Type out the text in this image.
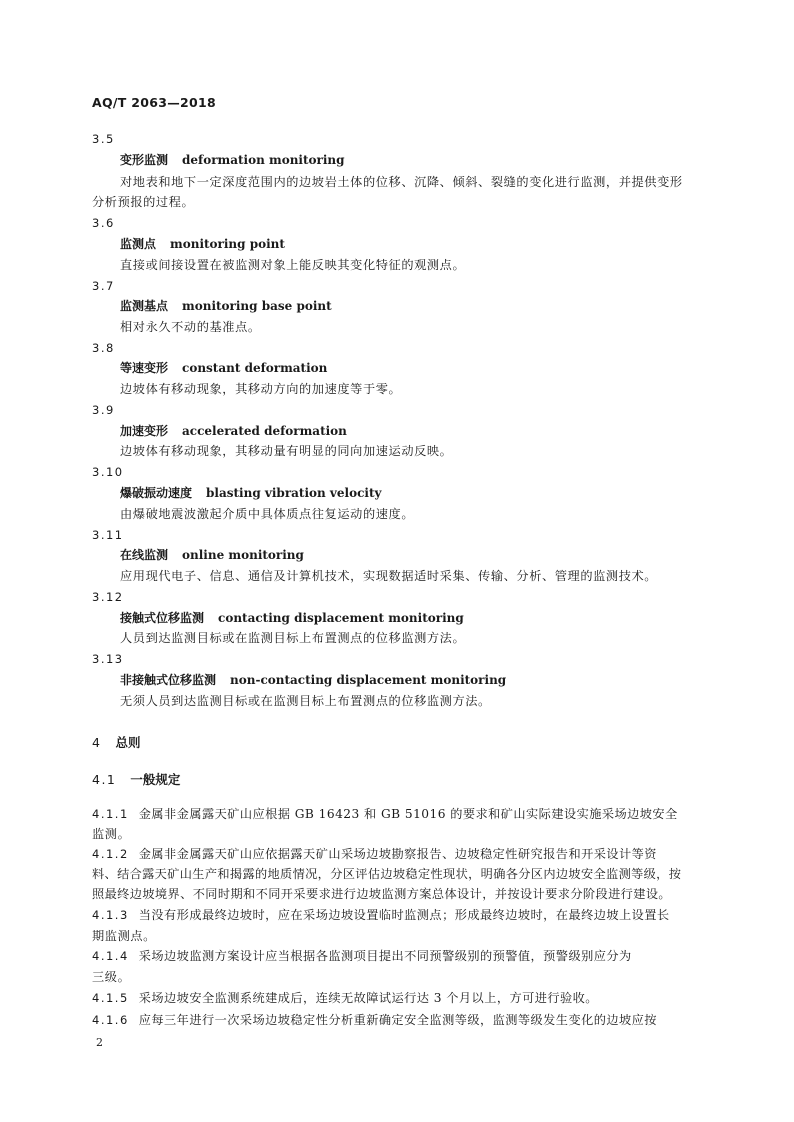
AQ/T 2063—2018
3.5
变形监测 deformation monitoring
对地表和地下一定深度范围内的边坡岩土体的位移、沉降、倾斜、裂缝的变化进行监测，并提供变形
分析预报的过程。
3.6
监测点 monitoring point
直接或间接设置在被监测对象上能反映其变化特征的观测点。
3.7
监测基点 monitoring base point
相对永久不动的基准点。
3.8
等速变形 constant deformation
边坡体有移动现象，其移动方向的加速度等于零。
3.9
加速变形 accelerated deformation
边坡体有移动现象，其移动量有明显的同向加速运动反映。
3.10
爆破振动速度 blasting vibration velocity
由爆破地震波激起介质中具体质点往复运动的速度。
3.11
在线监测 online monitoring
应用现代电子、信息、通信及计算机技术，实现数据适时采集、传输、分析、管理的监测技术。
3.12
接触式位移监测 contacting displacement monitoring
人员到达监测目标或在监测目标上布置测点的位移监测方法。
3.13
非接触式位移监测 non-contacting displacement monitoring
无须人员到达监测目标或在监测目标上布置测点的位移监测方法。
4 总则
4.1 一般规定
4.1.1 金属非金属露天矿山应根据 GB 16423 和 GB 51016 的要求和矿山实际建设实施采场边坡安全
监测。
4.1.2 金属非金属露天矿山应依据露天矿山采场边坡勘察报告、边坡稳定性研究报告和开采设计等资
料、结合露天矿山生产和揭露的地质情况，分区评估边坡稳定性现状，明确各分区内边坡安全监测等级，按
照最终边坡境界、不同时期和不同开采要求进行边坡监测方案总体设计，并按设计要求分阶段进行建设。
4.1.3 当没有形成最终边坡时，应在采场边坡设置临时监测点；形成最终边坡时，在最终边坡上设置长
期监测点。
4.1.4 采场边坡监测方案设计应当根据各监测项目提出不同预警级别的预警值，预警级别应分为
三级。
4.1.5 采场边坡安全监测系统建成后，连续无故障试运行达 3 个月以上，方可进行验收。
4.1.6 应每三年进行一次采场边坡稳定性分析重新确定安全监测等级，监测等级发生变化的边坡应按
2
